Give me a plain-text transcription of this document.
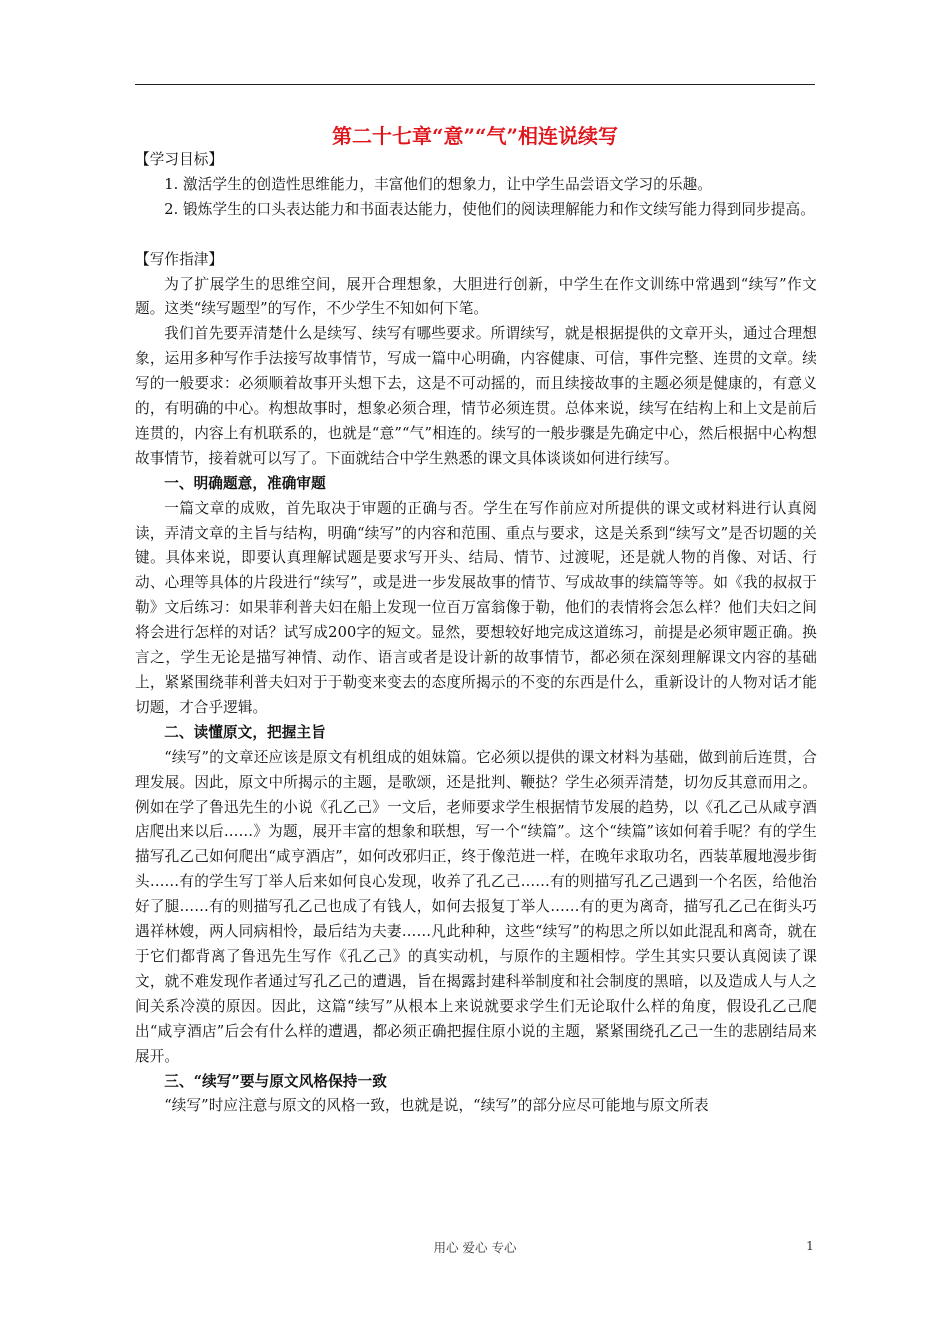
第二十七章“意”“气”相连说续写

【学习目标】

1. 激活学生的创造性思维能力，丰富他们的想象力，让中学生品尝语文学习的乐趣。

2. 锻炼学生的口头表达能力和书面表达能力，使他们的阅读理解能力和作文续写能力得到同步提高。

【写作指津】

为了扩展学生的思维空间，展开合理想象，大胆进行创新，中学生在作文训练中常遇到“续写”作文题。这类“续写题型”的写作，不少学生不知如何下笔。

我们首先要弄清楚什么是续写、续写有哪些要求。所谓续写，就是根据提供的文章开头，通过合理想象，运用多种写作手法接写故事情节，写成一篇中心明确，内容健康、可信，事件完整、连贯的文章。续写的一般要求：必须顺着故事开头想下去，这是不可动摇的，而且续接故事的主题必须是健康的，有意义的，有明确的中心。构想故事时，想象必须合理，情节必须连贯。总体来说，续写在结构上和上文是前后连贯的，内容上有机联系的，也就是“意”“气”相连的。续写的一般步骤是先确定中心，然后根据中心构想故事情节，接着就可以写了。下面就结合中学生熟悉的课文具体谈谈如何进行续写。

一、明确题意，准确审题

一篇文章的成败，首先取决于审题的正确与否。学生在写作前应对所提供的课文或材料进行认真阅读，弄清文章的主旨与结构，明确“续写”的内容和范围、重点与要求，这是关系到“续写文”是否切题的关键。具体来说，即要认真理解试题是要求写开头、结局、情节、过渡呢，还是就人物的肖像、对话、行动、心理等具体的片段进行“续写”，或是进一步发展故事的情节、写成故事的续篇等等。如《我的叔叔于勒》文后练习：如果菲利普夫妇在船上发现一位百万富翁像于勒，他们的表情将会怎么样？他们夫妇之间将会进行怎样的对话？试写成200字的短文。显然，要想较好地完成这道练习，前提是必须审题正确。换言之，学生无论是描写神情、动作、语言或者是设计新的故事情节，都必须在深刻理解课文内容的基础上，紧紧围绕菲利普夫妇对于于勒变来变去的态度所揭示的不变的东西是什么，重新设计的人物对话才能切题，才合乎逻辑。

二、读懂原文，把握主旨

“续写”的文章还应该是原文有机组成的姐妹篇。它必须以提供的课文材料为基础，做到前后连贯，合理发展。因此，原文中所揭示的主题，是歌颂，还是批判、鞭挞？学生必须弄清楚，切勿反其意而用之。例如在学了鲁迅先生的小说《孔乙己》一文后，老师要求学生根据情节发展的趋势，以《孔乙己从咸亨酒店爬出来以后……》为题，展开丰富的想象和联想，写一个“续篇”。这个“续篇”该如何着手呢？有的学生描写孔乙己如何爬出“咸亨酒店”，如何改邪归正，终于像范进一样，在晚年求取功名，西装革履地漫步街头……有的学生写丁举人后来如何良心发现，收养了孔乙己……有的则描写孔乙己遇到一个名医，给他治好了腿……有的则描写孔乙己也成了有钱人，如何去报复丁举人……有的更为离奇，描写孔乙己在街头巧遇祥林嫂，两人同病相怜，最后结为夫妻……凡此种种，这些“续写”的构思之所以如此混乱和离奇，就在于它们都背离了鲁迅先生写作《孔乙己》的真实动机，与原作的主题相悖。学生其实只要认真阅读了课文，就不难发现作者通过写孔乙己的遭遇，旨在揭露封建科举制度和社会制度的黑暗，以及造成人与人之间关系冷漠的原因。因此，这篇“续写”从根本上来说就要求学生们无论取什么样的角度，假设孔乙己爬出“咸亨酒店”后会有什么样的遭遇，都必须正确把握住原小说的主题，紧紧围绕孔乙己一生的悲剧结局来展开。

三、“续写”要与原文风格保持一致

“续写”时应注意与原文的风格一致，也就是说，“续写”的部分应尽可能地与原文所表

用心 爱心 专心	1
